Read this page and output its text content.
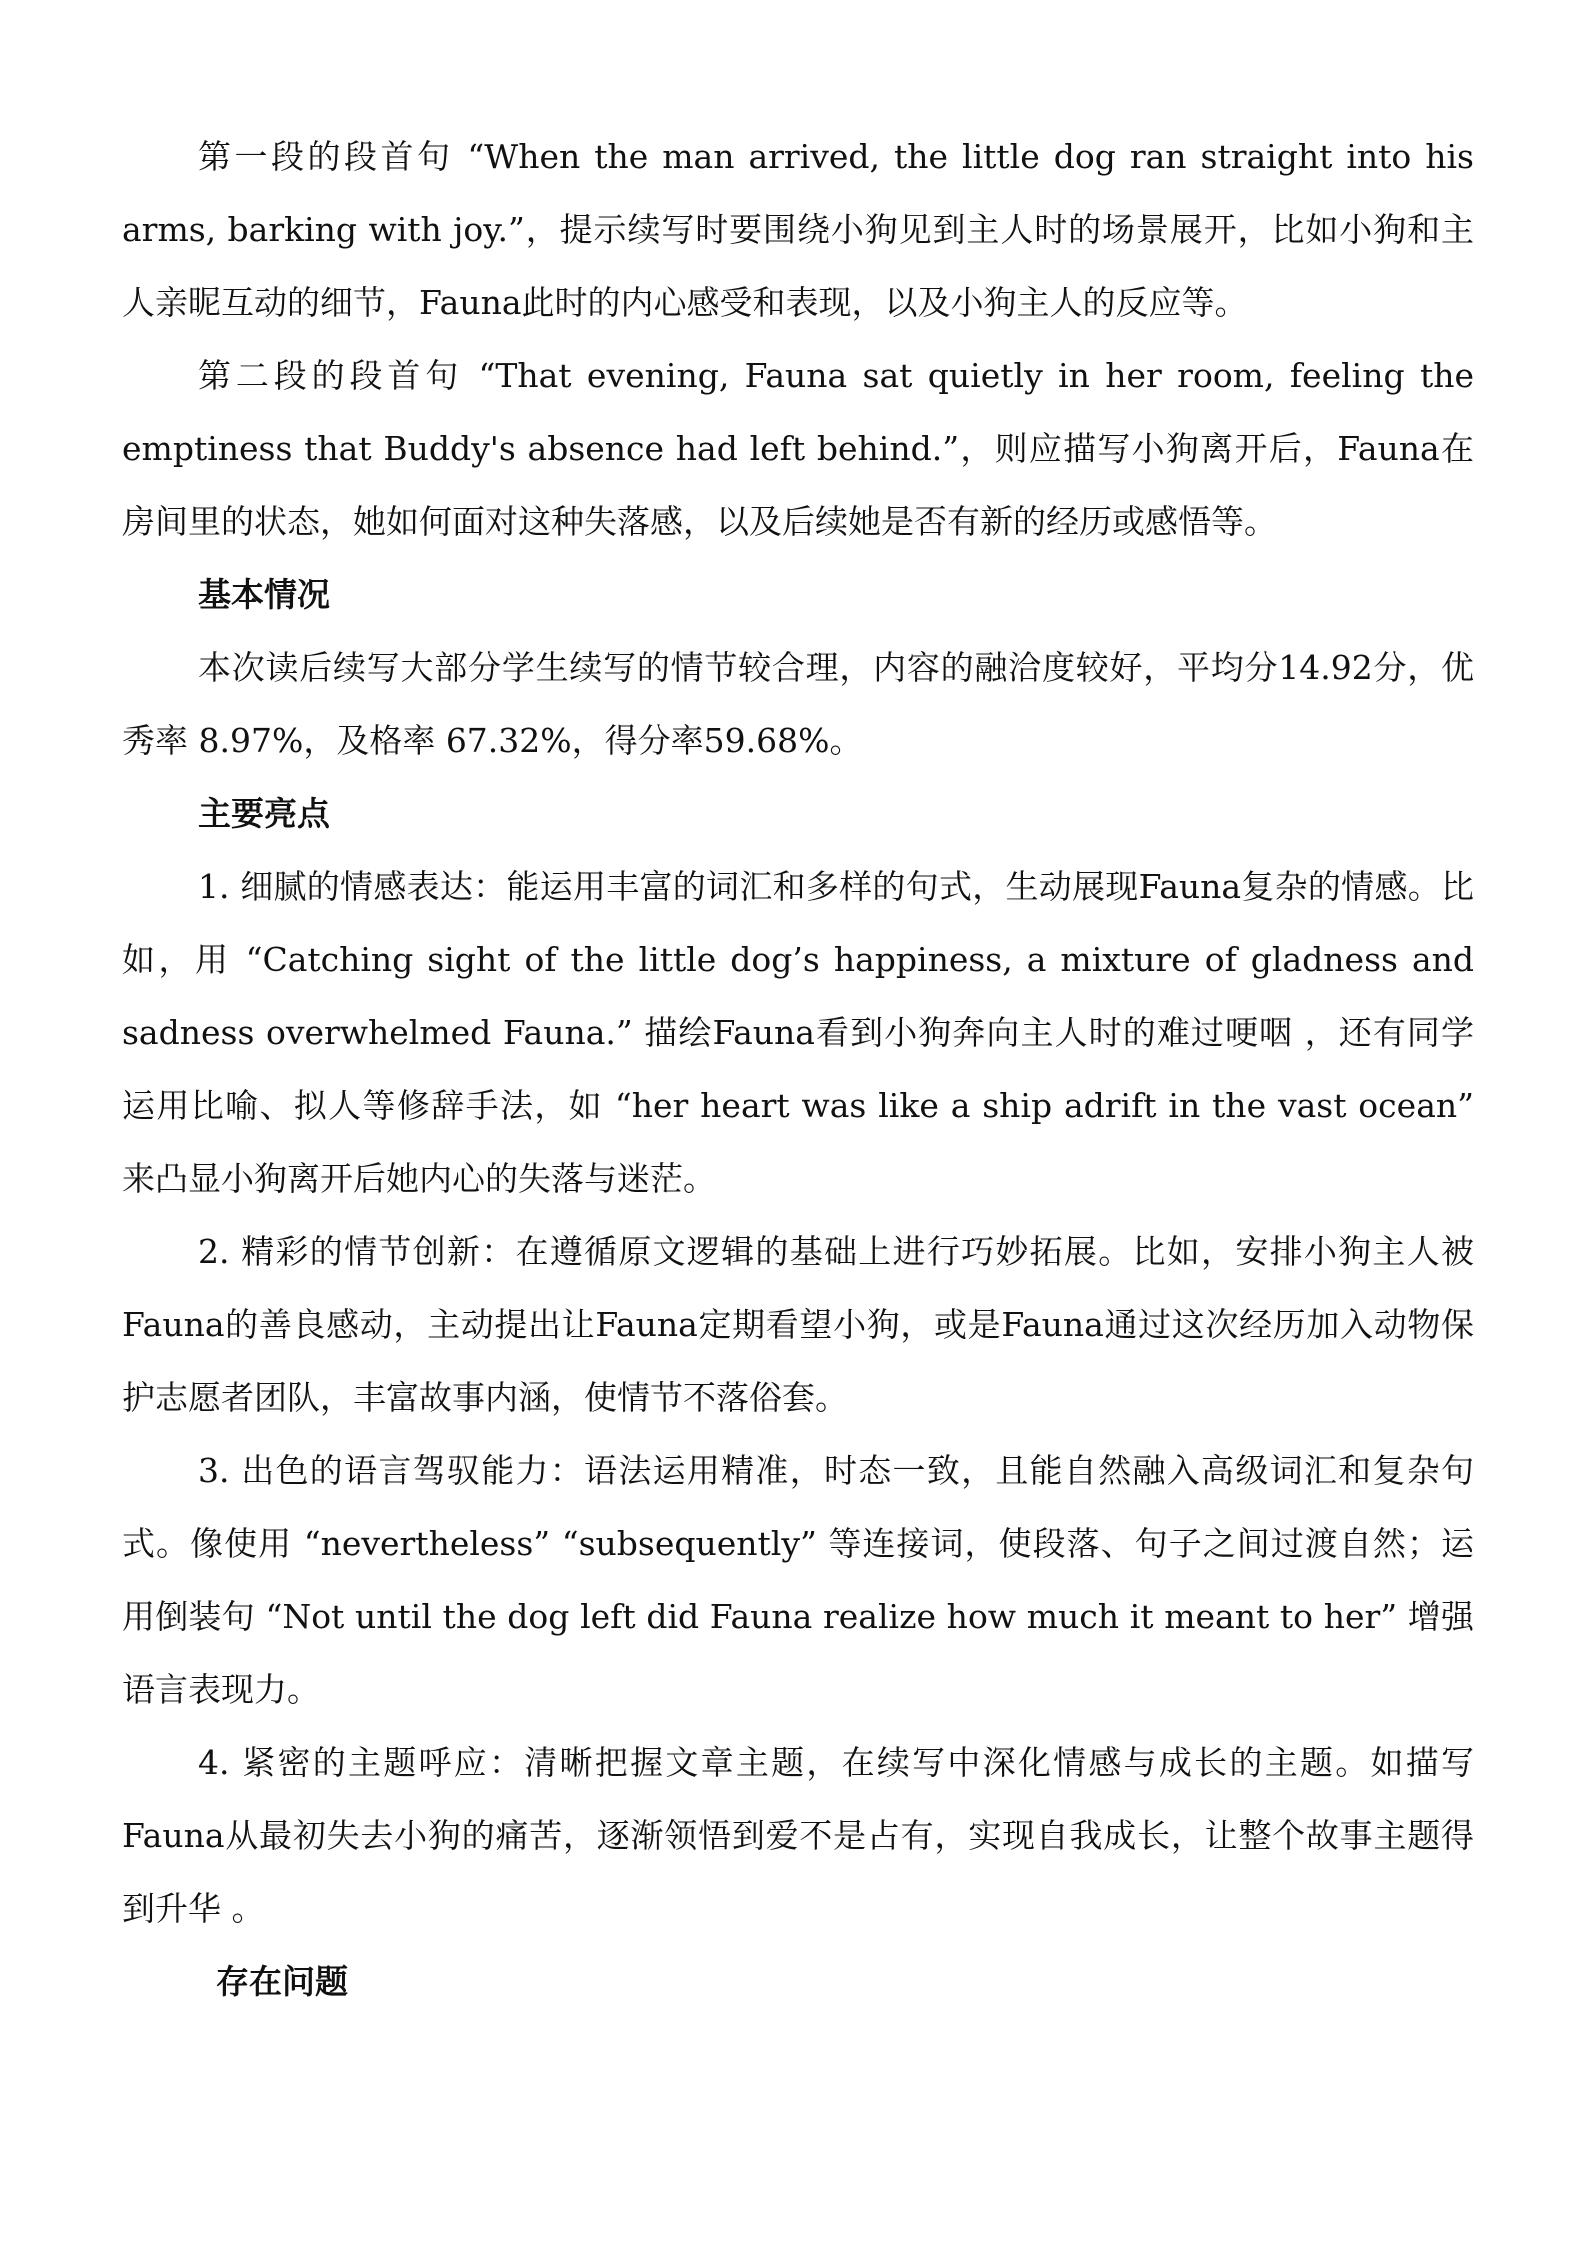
第一段的段首句 “When the man arrived, the little dog ran straight into his arms, barking with joy.”，提示续写时要围绕小狗见到主人时的场景展开，比如小狗和主人亲昵互动的细节，Fauna此时的内心感受和表现，以及小狗主人的反应等。

第二段的段首句 “That evening, Fauna sat quietly in her room, feeling the emptiness that Buddy's absence had left behind.”，则应描写小狗离开后，Fauna在房间里的状态，她如何面对这种失落感，以及后续她是否有新的经历或感悟等。

基本情况

本次读后续写大部分学生续写的情节较合理，内容的融洽度较好，平均分14.92分，优秀率 8.97%，及格率 67.32%，得分率59.68%。

主要亮点

1. 细腻的情感表达：能运用丰富的词汇和多样的句式，生动展现Fauna复杂的情感。比如，用 “Catching sight of the little dog’s happiness, a mixture of gladness and sadness overwhelmed Fauna.” 描绘Fauna看到小狗奔向主人时的难过哽咽 ，还有同学运用比喻、拟人等修辞手法，如 “her heart was like a ship adrift in the vast ocean” 来凸显小狗离开后她内心的失落与迷茫。

2. 精彩的情节创新：在遵循原文逻辑的基础上进行巧妙拓展。比如，安排小狗主人被Fauna的善良感动，主动提出让Fauna定期看望小狗，或是Fauna通过这次经历加入动物保护志愿者团队，丰富故事内涵，使情节不落俗套。

3. 出色的语言驾驭能力：语法运用精准，时态一致，且能自然融入高级词汇和复杂句式。像使用 “nevertheless” “subsequently” 等连接词，使段落、句子之间过渡自然；运用倒装句 “Not until the dog left did Fauna realize how much it meant to her” 增强语言表现力。

4. 紧密的主题呼应：清晰把握文章主题，在续写中深化情感与成长的主题。如描写Fauna从最初失去小狗的痛苦，逐渐领悟到爱不是占有，实现自我成长，让整个故事主题得到升华 。

存在问题
